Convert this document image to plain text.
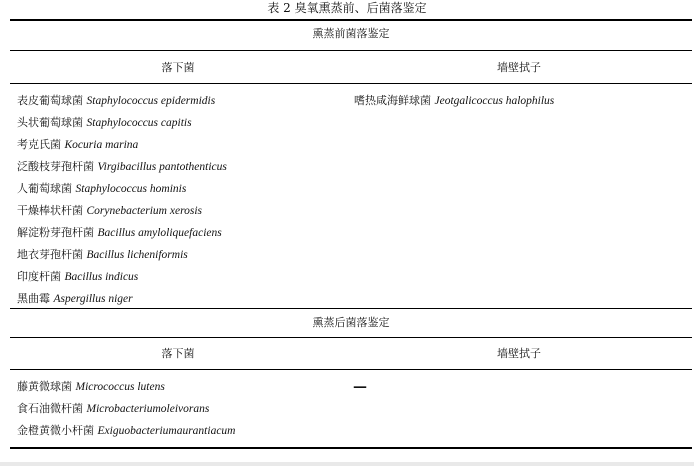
表 2 臭氧熏蒸前、后菌落鉴定
熏蒸前菌落鉴定
落下菌	墙壁拭子
表皮葡萄球菌 Staphylococcus epidermidis
头状葡萄球菌 Staphylococcus capitis
考克氏菌 Kocuria marina
泛酸枝芽孢杆菌 Virgibacillus pantothenticus
人葡萄球菌 Staphylococcus hominis
干燥棒状杆菌 Corynebacterium xerosis
解淀粉芽孢杆菌 Bacillus amyloliquefaciens
地衣芽孢杆菌 Bacillus licheniformis
印度杆菌 Bacillus indicus
黑曲霉 Aspergillus niger
嗜热咸海鲜球菌 Jeotgalicoccus halophilus
熏蒸后菌落鉴定
落下菌	墙壁拭子
藤黄微球菌 Micrococcus lutens
食石油微杆菌 Microbacteriumoleivorans
金橙黄微小杆菌 Exiguobacteriumaurantiacum
—
